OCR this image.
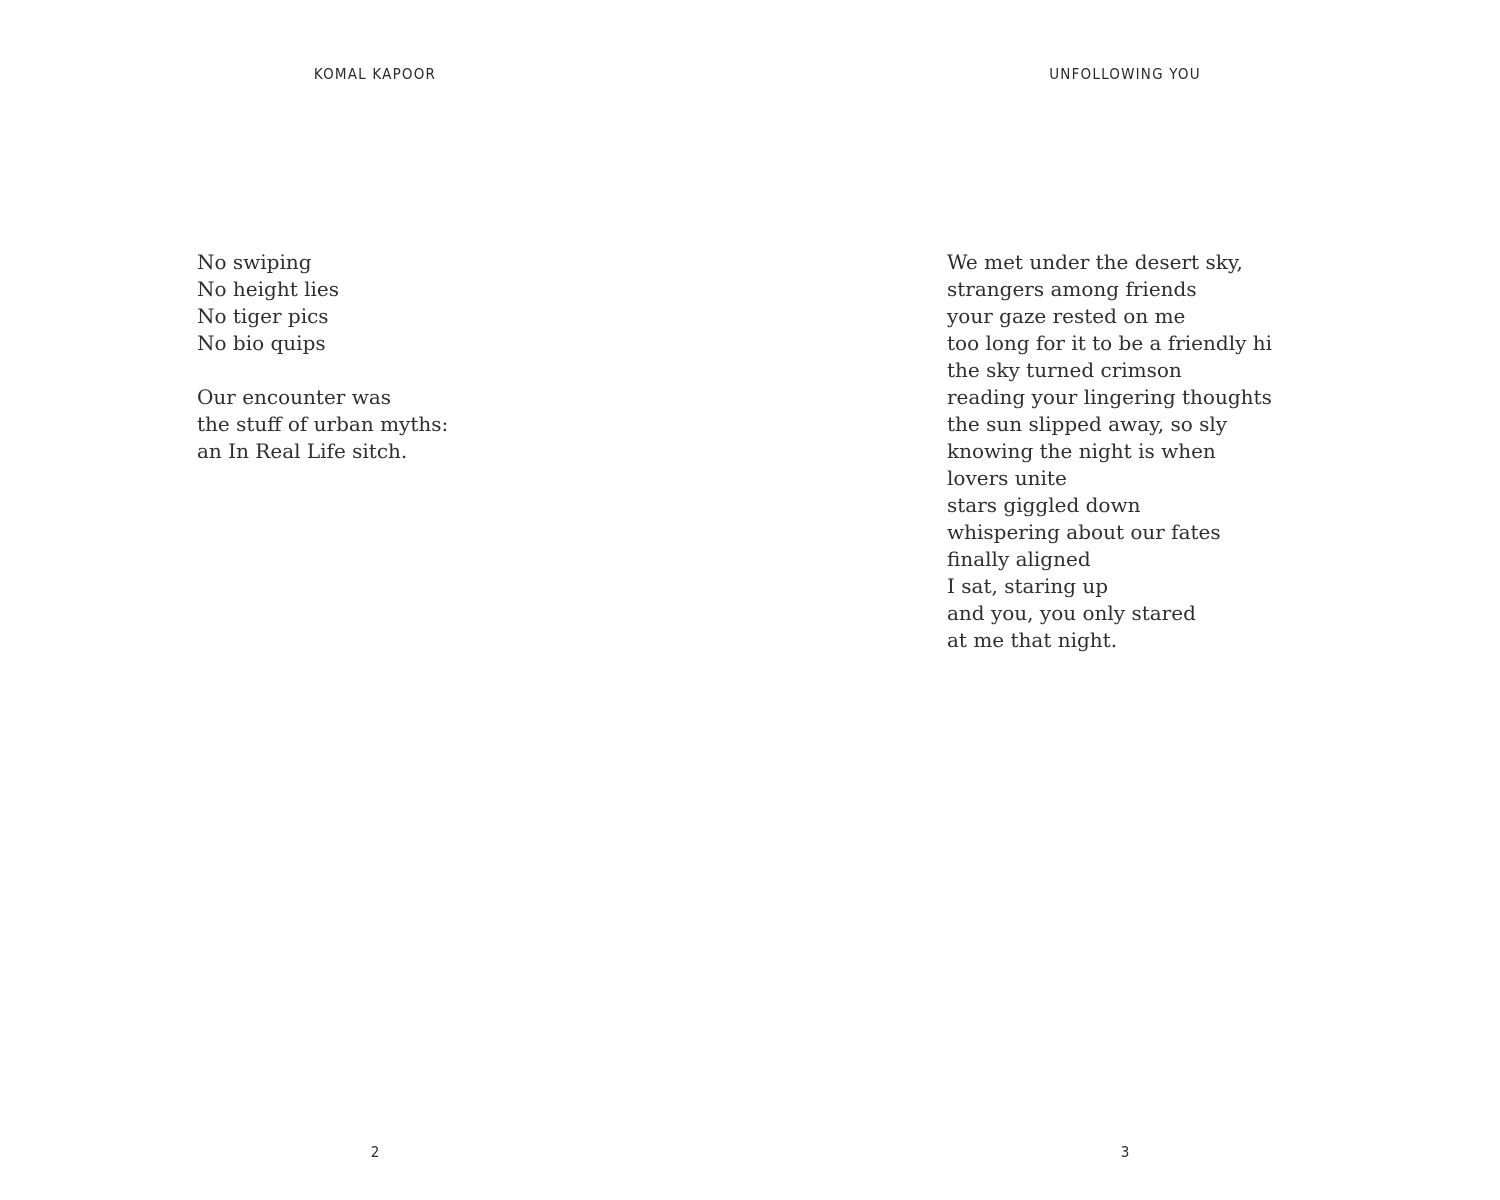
KOMAL KAPOOR
No swiping
No height lies
No tiger pics
No bio quips
Our encounter was
the stuff of urban myths:
an In Real Life sitch.
2
UNFOLLOWING YOU
We met under the desert sky,
strangers among friends
your gaze rested on me
too long for it to be a friendly hi
the sky turned crimson
reading your lingering thoughts
the sun slipped away, so sly
knowing the night is when
lovers unite
stars giggled down
whispering about our fates
finally aligned
I sat, staring up
and you, you only stared
at me that night.
3
